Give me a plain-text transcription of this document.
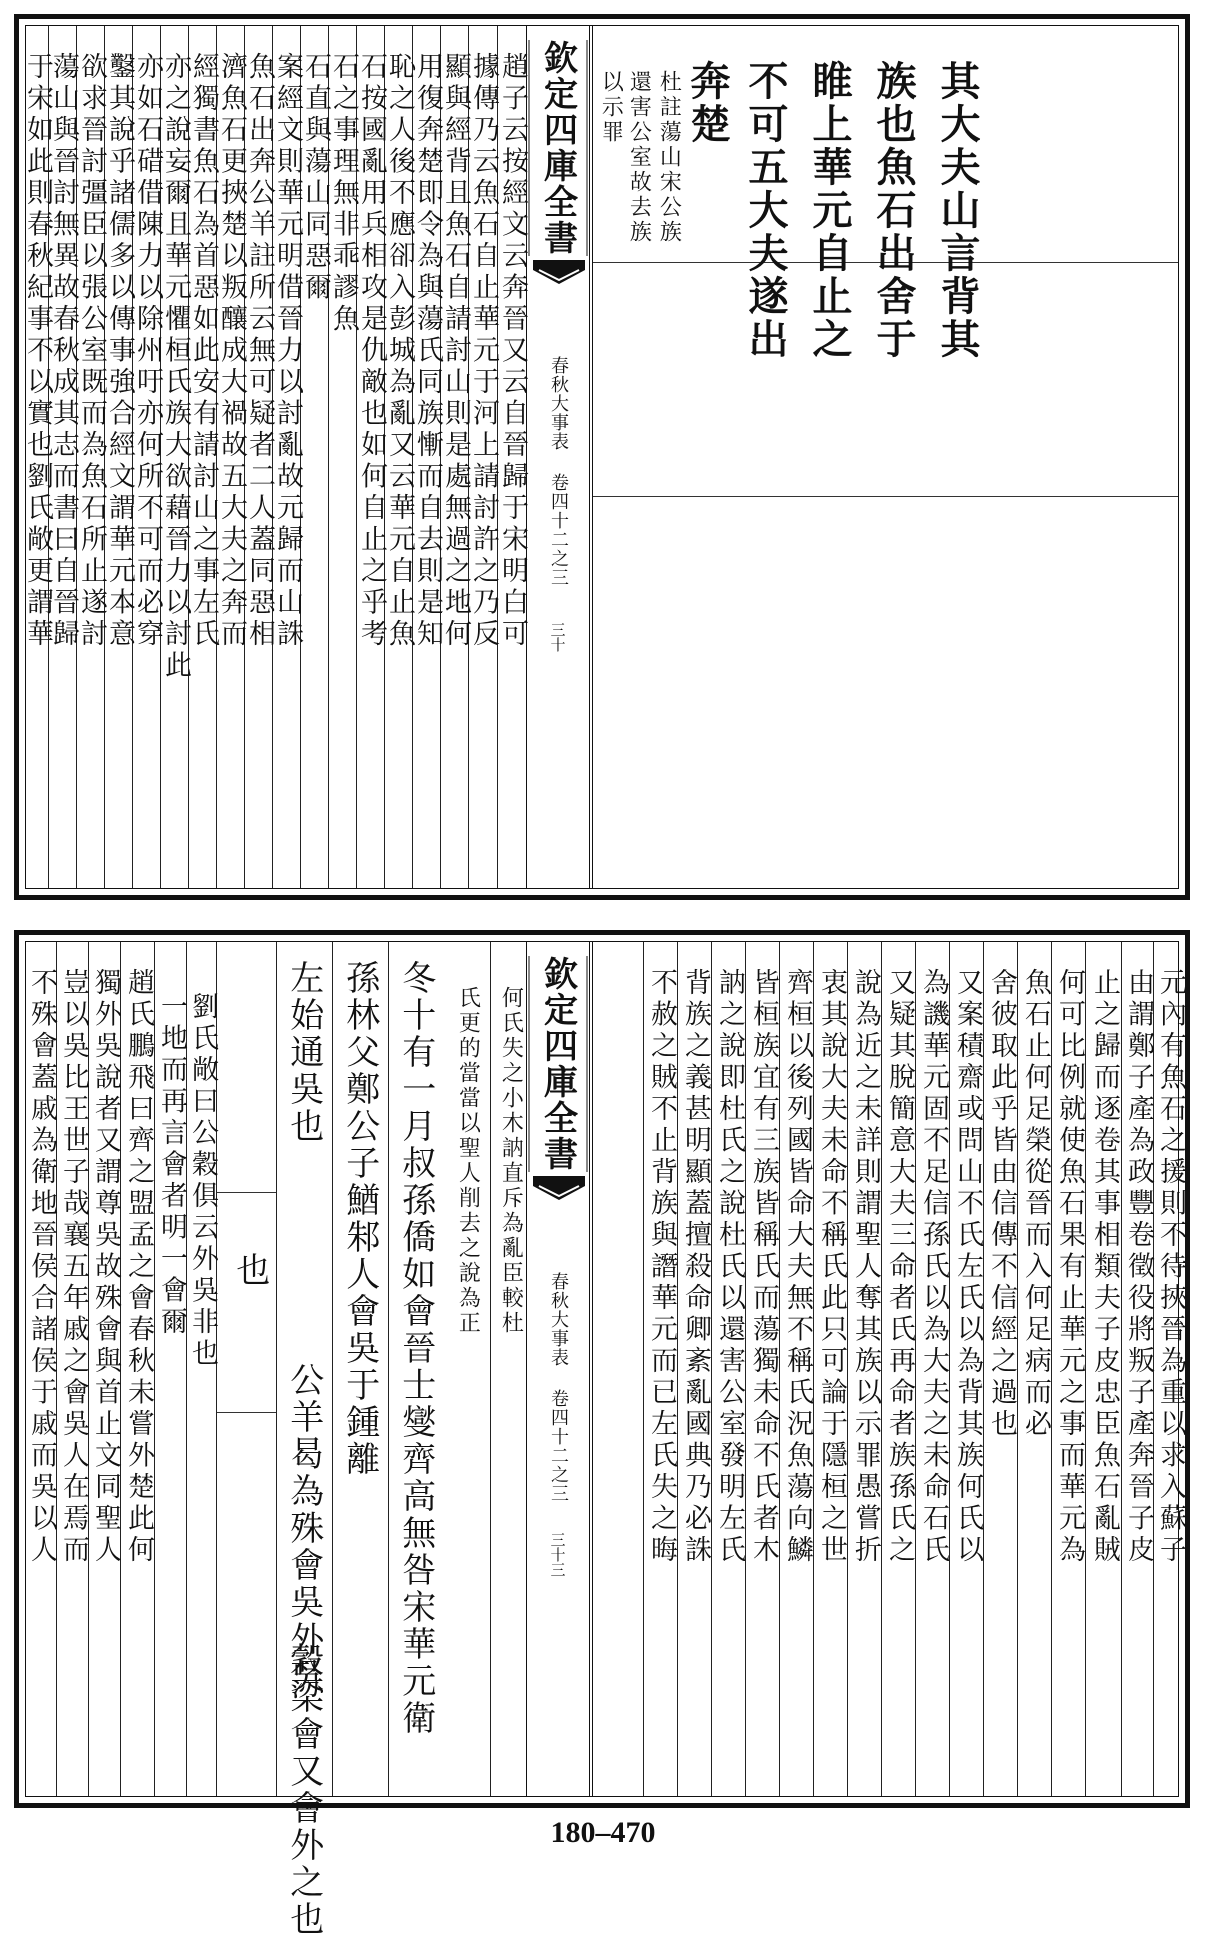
其大夫山言背其
族也魚石出舍于
睢上華元自止之
不可五大夫遂出
奔楚
杜註蕩山宋公族
還害公室故去族
以示罪
欽定四庫全書
春秋大事表 卷四十二之三
三十
趙子云按經文云奔晉又云自晉歸于宋明白可
據傳乃云魚石自止華元于河上請討許之乃反
顯與經背且魚石自請討山則是處無過之地何
用復奔楚即令為與蕩氏同族慚而自去則是知
恥之人後不應卻入彭城為亂又云華元自止魚
石按國亂用兵相攻是仇敵也如何自止之乎考
石之事理無非乖謬魚
石直與蕩山同惡爾
案經文則華元明借晉力以討亂故元歸而山誅
魚石出奔公羊註所云無可疑者二人蓋同惡相
濟魚石更挾楚以叛釀成大禍故五大夫之奔而
經獨書魚石為首惡如此安有請討山之事左氏
亦之說妄爾且華元懼桓氏族大欲藉晉力以討此
亦如石碏借陳力以除州吁亦何所不可而必穿
鑿其說乎諸儒多以傳事強合經文謂華元本意
欲求晉討彊臣以張公室既而為魚石所止遂討
蕩山與晉討無異故春秋成其志而書曰自晉歸
于宋如此則春秋紀事不以實也劉氏敞更謂華
元內有魚石之援則不待挾晉為重以求入蘇子
由謂鄭子產為政豐卷徵役將叛子產奔晉子皮
止之歸而逐卷其事相類夫子皮忠臣魚石亂賊
何可比例就使魚石果有止華元之事而華元為
魚石止何足榮從晉而入何足病而必
舍彼取此乎皆由信傳不信經之過也
又案積齋或問山不氏左氏以為背其族何氏以
為譏華元固不足信孫氏以為大夫之未命石氏
又疑其脫簡意大夫三命者氏再命者族孫氏之
說為近之未詳則謂聖人奪其族以示罪愚嘗折
衷其說大夫未命不稱氏此只可論于隱桓之世
齊桓以後列國皆命大夫無不稱氏況魚蕩向鱗
皆桓族宜有三族皆稱氏而蕩獨未命不氏者木
訥之說即杜氏之說杜氏以還害公室發明左氏
背族之義甚明顯蓋擅殺命卿紊亂國典乃必誅
不赦之賊不止背族與譖華元而已左氏失之晦
欽定四庫全書
春秋大事表 卷四十二之三
三十三
何氏失之小木訥直斥為亂臣較杜
氏更的當當以聖人削去之說為正
冬十有一月叔孫僑如會晉士燮齊高無咎宋華元衛
孫林父鄭公子鰌邾人會吳于鍾離
左始通吳也
公羊曷為殊會吳外吳
穀梁會又會外之也
也
劉氏敞曰公穀俱云外吳非也
一地而再言會者明一會爾
趙氏鵬飛曰齊之盟孟之會春秋未嘗外楚此何
獨外吳說者又謂尊吳故殊會與首止文同聖人
豈以吳比王世子哉襄五年戚之會吳人在焉而
不殊會蓋戚為衛地晉侯合諸侯于戚而吳以人
180–470
